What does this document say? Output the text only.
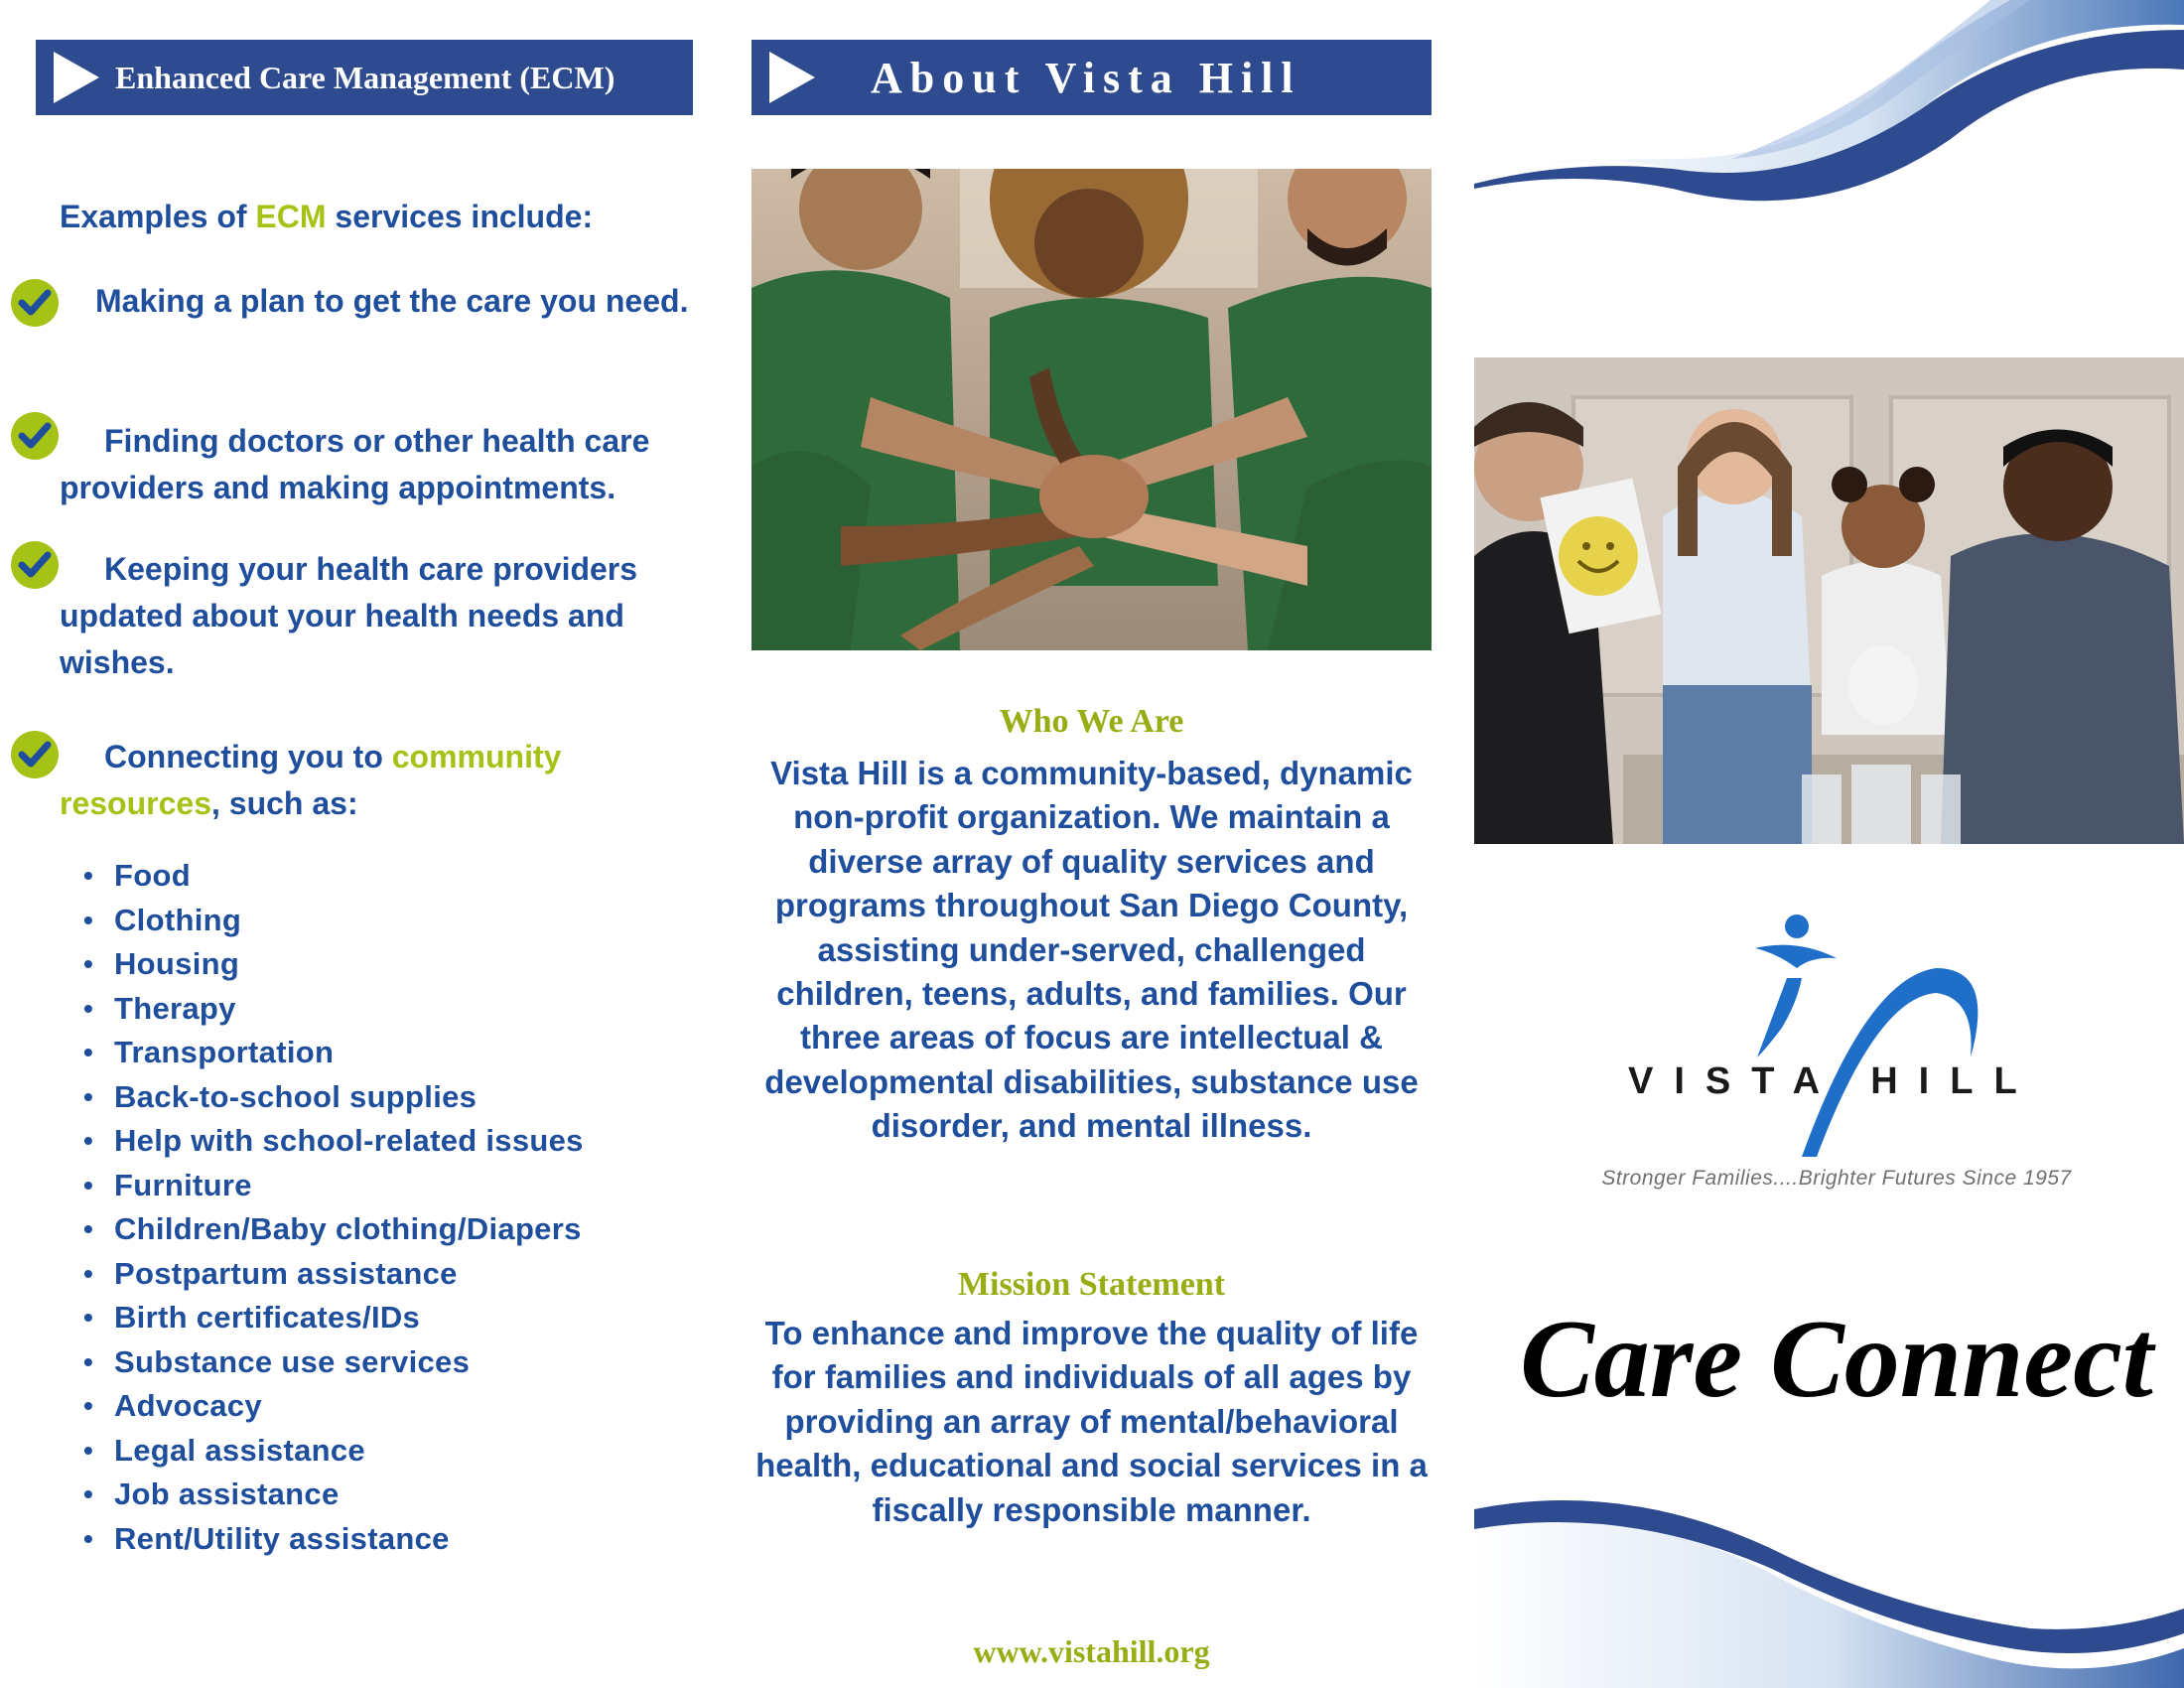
Enhanced Care Management (ECM)
Examples of ECM services include:
Making a plan to get the care you need.
Finding doctors or other health care providers and making appointments.
Keeping your health care providers updated about your health needs and wishes.
Connecting you to community resources, such as:
• Food
• Clothing
• Housing
• Therapy
• Transportation
• Back-to-school supplies
• Help with school-related issues
• Furniture
• Children/Baby clothing/Diapers
• Postpartum assistance
• Birth certificates/IDs
• Substance use services
• Advocacy
• Legal assistance
• Job assistance
• Rent/Utility assistance
About Vista Hill
Who We Are
Vista Hill is a community-based, dynamic non-profit organization. We maintain a diverse array of quality services and programs throughout San Diego County, assisting under-served, challenged children, teens, adults, and families. Our three areas of focus are intellectual & developmental disabilities, substance use disorder, and mental illness.
Mission Statement
To enhance and improve the quality of life for families and individuals of all ages by providing an array of mental/behavioral health, educational and social services in a fiscally responsible manner.
www.vistahill.org
VISTA HILL
Stronger Families....Brighter Futures Since 1957
Care Connect
